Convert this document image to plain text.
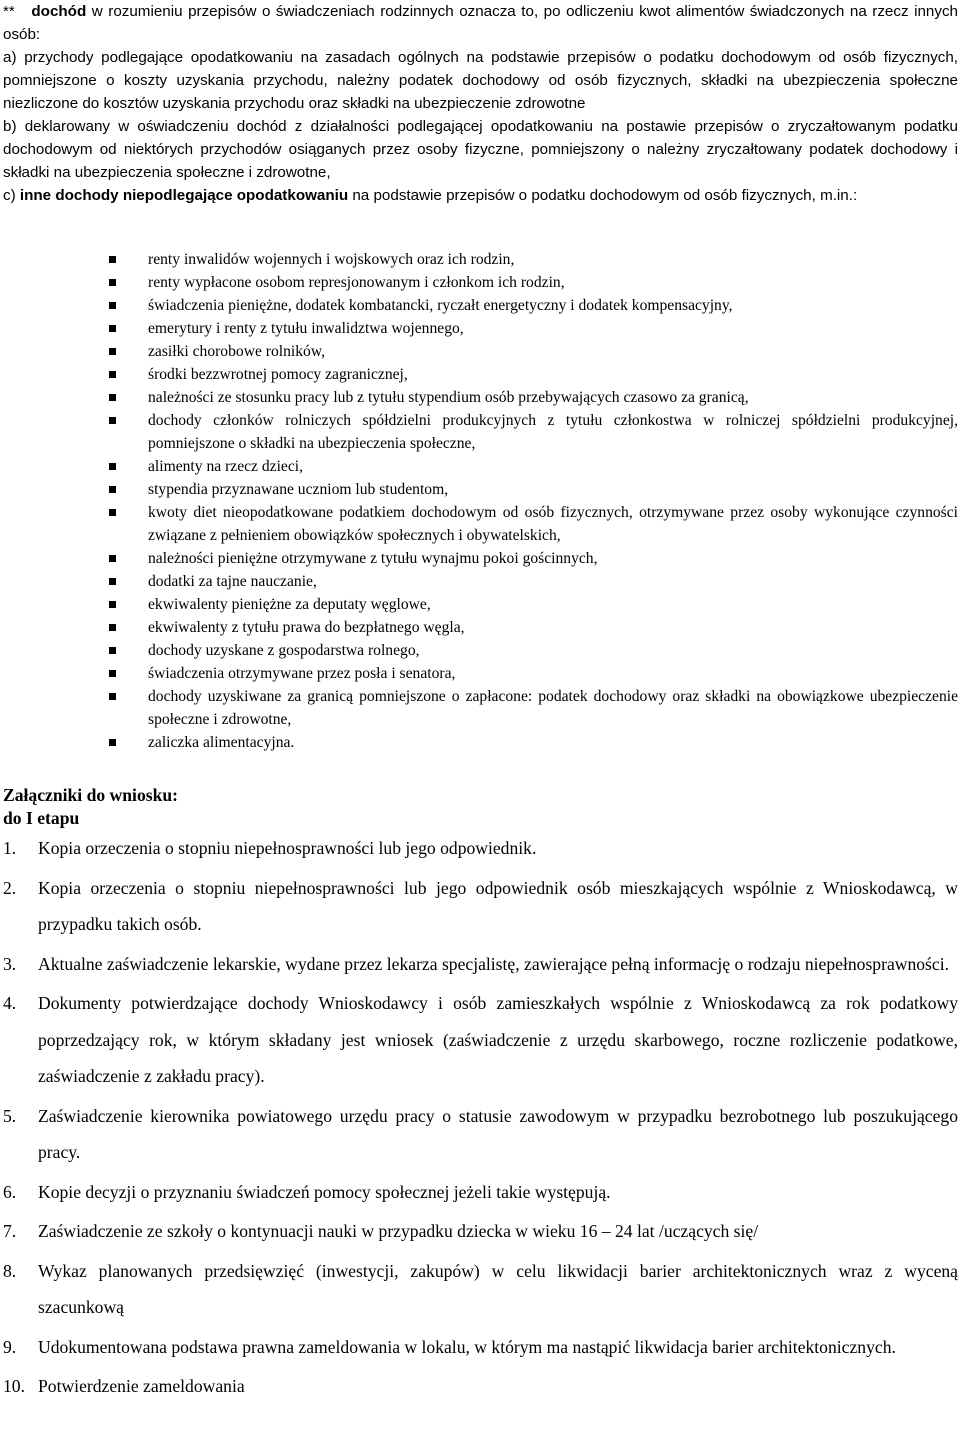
** dochód w rozumieniu przepisów o świadczeniach rodzinnych oznacza to, po odliczeniu kwot alimentów świadczonych na rzecz innych osób:

a) przychody podlegające opodatkowaniu na zasadach ogólnych na podstawie przepisów o podatku dochodowym od osób fizycznych, pomniejszone o koszty uzyskania przychodu, należny podatek dochodowy od osób fizycznych, składki na ubezpieczenia społeczne niezliczone do kosztów uzyskania przychodu oraz składki na ubezpieczenie zdrowotne

b) deklarowany w oświadczeniu dochód z działalności podlegającej opodatkowaniu na postawie przepisów o zryczałtowanym podatku dochodowym od niektórych przychodów osiąganych przez osoby fizyczne, pomniejszony o należny zryczałtowany podatek dochodowy i składki na ubezpieczenia społeczne i zdrowotne,

c) inne dochody niepodlegające opodatkowaniu na podstawie przepisów o podatku dochodowym od osób fizycznych, m.in.:

renty inwalidów wojennych i wojskowych oraz ich rodzin,
renty wypłacone osobom represjonowanym i członkom ich rodzin,
świadczenia pieniężne, dodatek kombatancki, ryczałt energetyczny i dodatek kompensacyjny,
emerytury i renty z tytułu inwalidztwa wojennego,
zasiłki chorobowe rolników,
środki bezzwrotnej pomocy zagranicznej,
należności ze stosunku pracy lub z tytułu stypendium osób przebywających czasowo za granicą,
dochody członków rolniczych spółdzielni produkcyjnych z tytułu członkostwa w rolniczej spółdzielni produkcyjnej, pomniejszone o składki na ubezpieczenia społeczne,
alimenty na rzecz dzieci,
stypendia przyznawane uczniom lub studentom,
kwoty diet nieopodatkowane podatkiem dochodowym od osób fizycznych, otrzymywane przez osoby wykonujące czynności związane z pełnieniem obowiązków społecznych i obywatelskich,
należności pieniężne otrzymywane z tytułu wynajmu pokoi gościnnych,
dodatki za tajne nauczanie,
ekwiwalenty pieniężne za deputaty węglowe,
ekwiwalenty z tytułu prawa do bezpłatnego węgla,
dochody uzyskane z gospodarstwa rolnego,
świadczenia otrzymywane przez posła i senatora,
dochody uzyskiwane za granicą pomniejszone o zapłacone: podatek dochodowy oraz składki na obowiązkowe ubezpieczenie społeczne i zdrowotne,
zaliczka alimentacyjna.
Załączniki do wniosku:
do I etapu
1. Kopia orzeczenia o stopniu niepełnosprawności lub jego odpowiednik.
2. Kopia orzeczenia o stopniu niepełnosprawności lub jego odpowiednik osób mieszkających wspólnie z Wnioskodawcą, w przypadku takich osób.
3. Aktualne zaświadczenie lekarskie, wydane przez lekarza specjalistę, zawierające pełną informację o rodzaju niepełnosprawności.
4. Dokumenty potwierdzające dochody Wnioskodawcy i osób zamieszkałych wspólnie z Wnioskodawcą za rok podatkowy poprzedzający rok, w którym składany jest wniosek (zaświadczenie z urzędu skarbowego, roczne rozliczenie podatkowe, zaświadczenie z zakładu pracy).
5. Zaświadczenie kierownika powiatowego urzędu pracy o statusie zawodowym w przypadku bezrobotnego lub poszukującego pracy.
6. Kopie decyzji o przyznaniu świadczeń pomocy społecznej jeżeli takie występują.
7. Zaświadczenie ze szkoły o kontynuacji nauki w przypadku dziecka w wieku 16 – 24 lat /uczących się/
8. Wykaz planowanych przedsięwzięć (inwestycji, zakupów) w celu likwidacji barier architektonicznych wraz z wyceną szacunkową
9. Udokumentowana podstawa prawna zameldowania w lokalu, w którym ma nastąpić likwidacja barier architektonicznych.
10. Potwierdzenie zameldowania
